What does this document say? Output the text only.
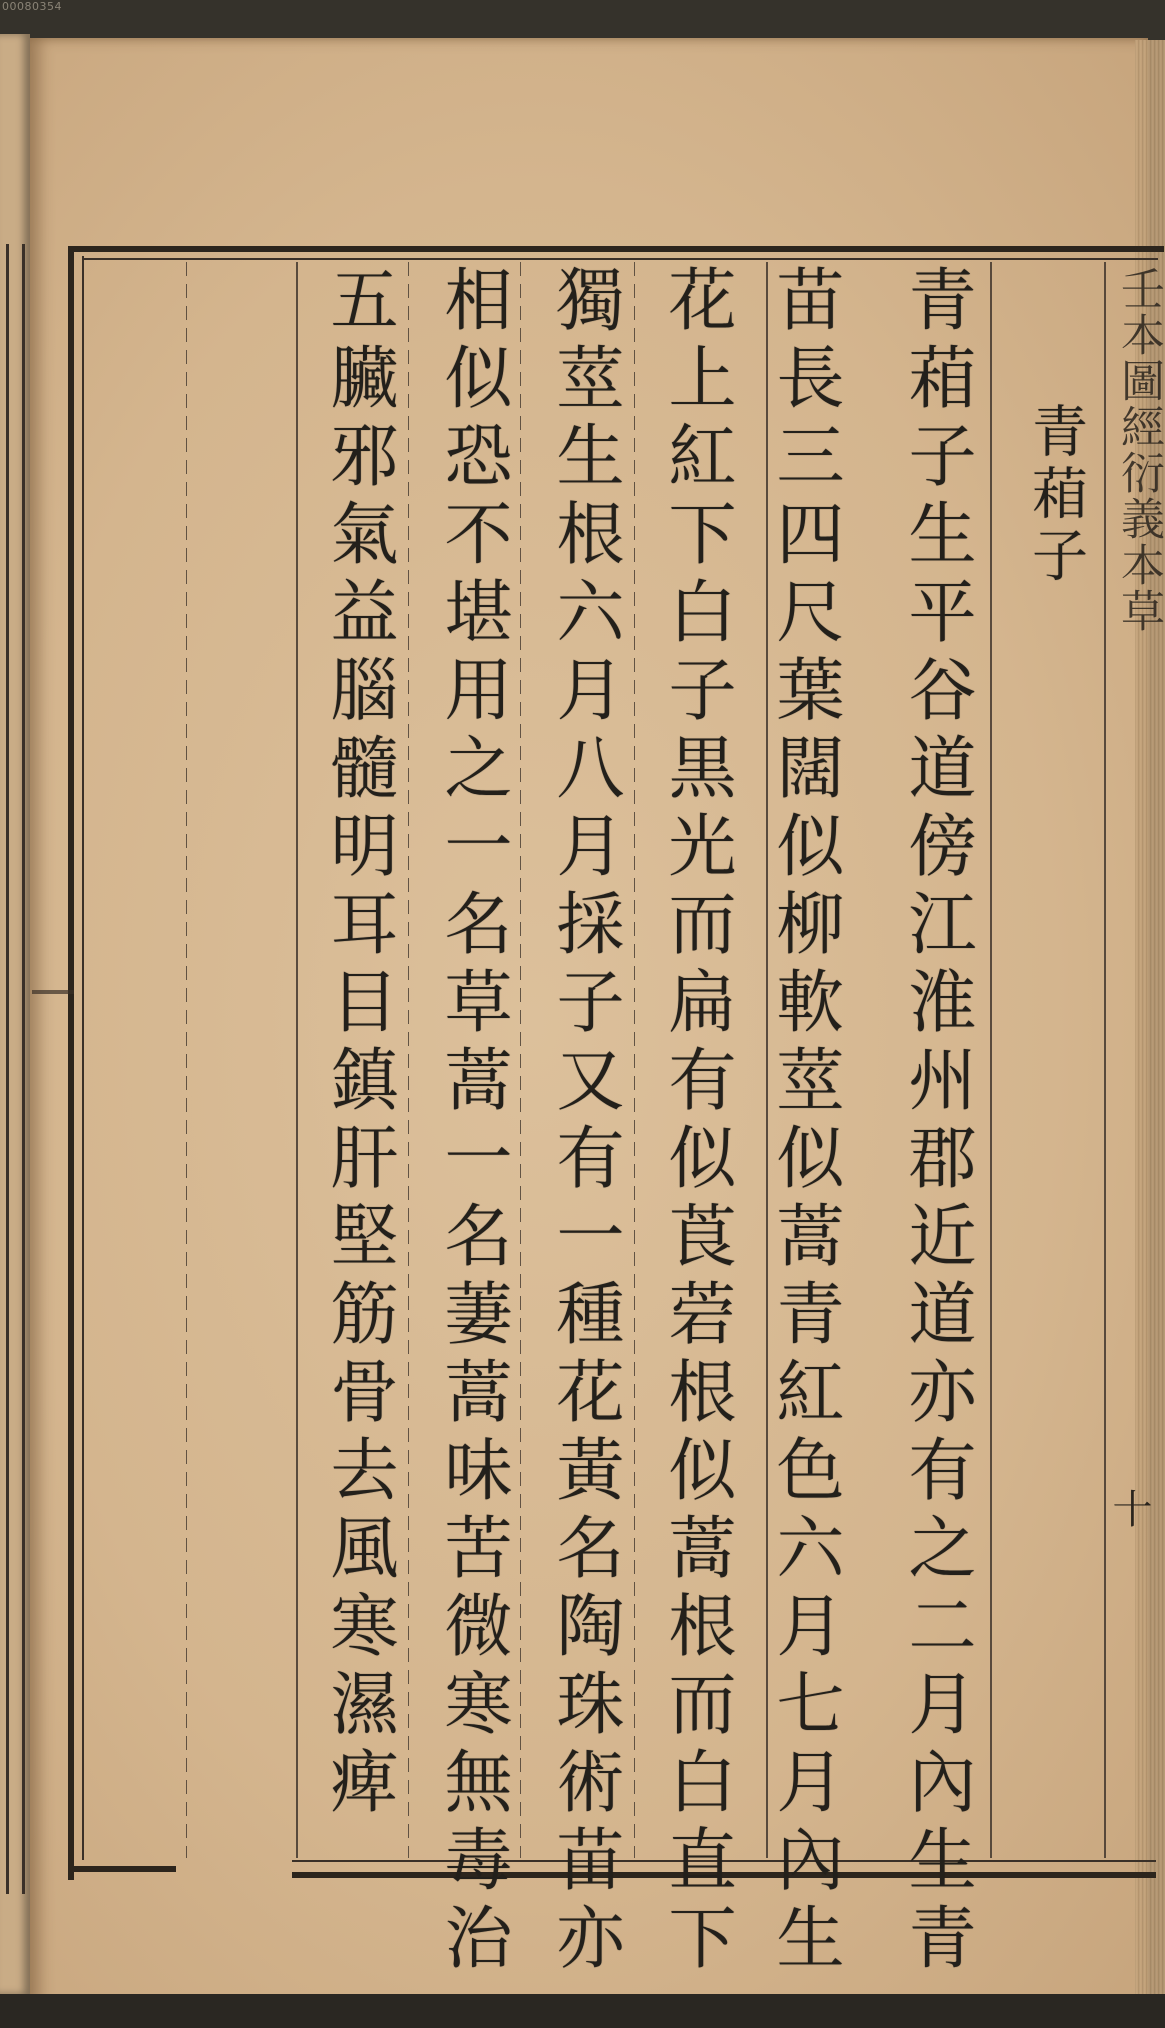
00080354
壬本圖經衍義本草
十
青葙子
青葙子生平谷道傍江淮州郡近道亦有之二月內生青
苗長三四尺葉闊似柳軟莖似蒿青紅色六月七月內生
花上紅下白子黒光而扁有似莨菪根似蒿根而白直下
獨莖生根六月八月採子又有一種花黃名陶珠術苗亦
相似恐不堪用之一名草蒿一名萋蒿味苦微寒無毒治
五臟邪氣益腦髓明耳目鎮肝堅筋骨去風寒濕痺
